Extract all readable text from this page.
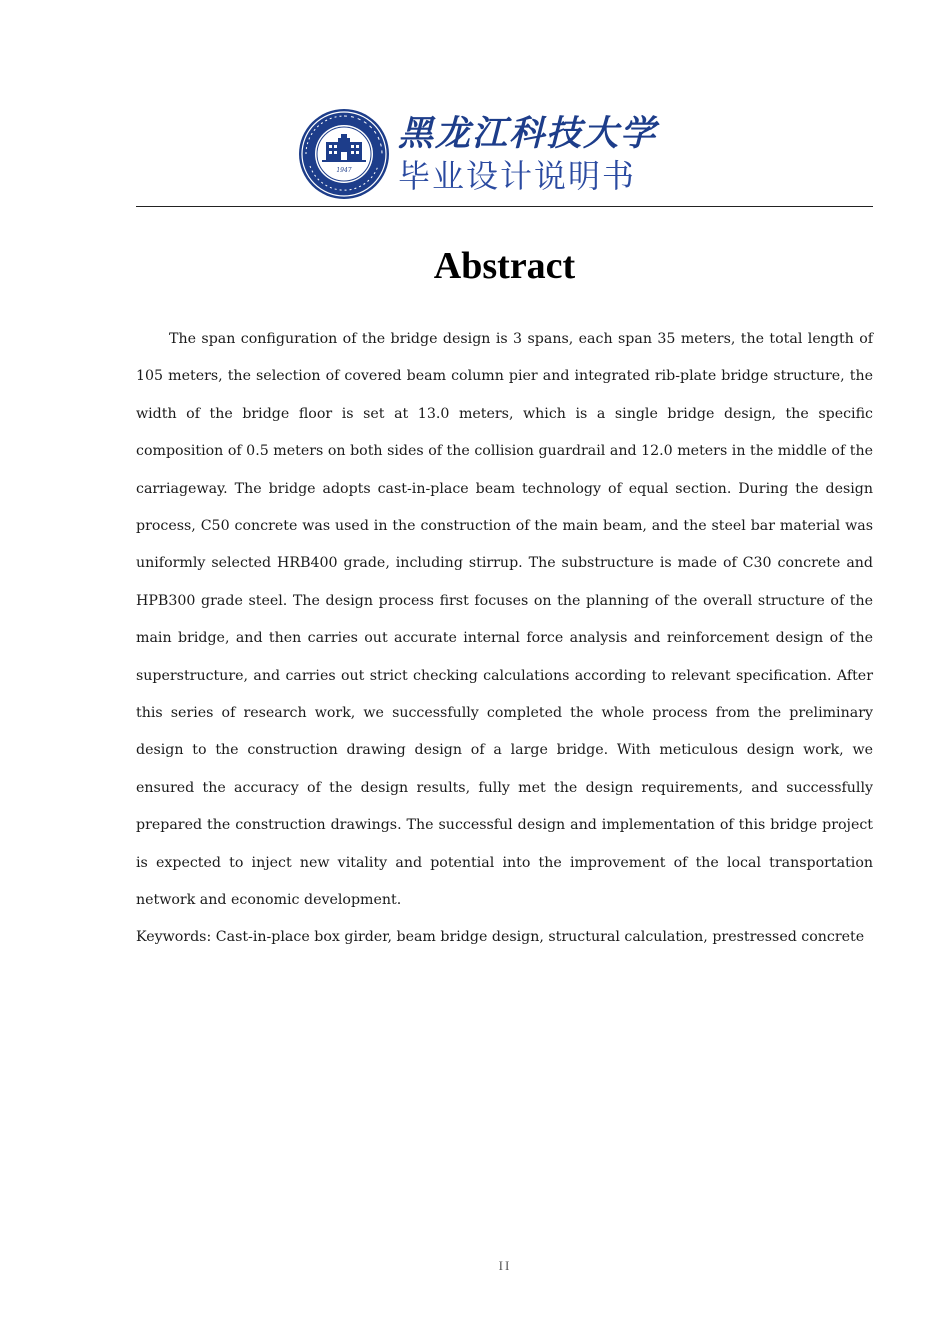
1947
黑龙江科技大学
毕业设计说明书
Abstract

The span configuration of the bridge design is 3 spans, each span 35 meters, the total length of 105 meters, the selection of covered beam column pier and integrated rib-plate bridge structure, the width of the bridge floor is set at 13.0 meters, which is a single bridge design, the specific composition of 0.5 meters on both sides of the collision guardrail and 12.0 meters in the middle of the carriageway. The bridge adopts cast-in-place beam technology of equal section. During the design process, C50 concrete was used in the construction of the main beam, and the steel bar material was uniformly selected HRB400 grade, including stirrup. The substructure is made of C30 concrete and HPB300 grade steel. The design process first focuses on the planning of the overall structure of the main bridge, and then carries out accurate internal force analysis and reinforcement design of the superstructure, and carries out strict checking calculations according to relevant specification. After this series of research work, we successfully completed the whole process from the preliminary design to the construction drawing design of a large bridge. With meticulous design work, we ensured the accuracy of the design results, fully met the design requirements, and successfully prepared the construction drawings. The successful design and implementation of this bridge project is expected to inject new vitality and potential into the improvement of the local transportation network and economic development.

Keywords: Cast-in-place box girder, beam bridge design, structural calculation, prestressed concrete

II
